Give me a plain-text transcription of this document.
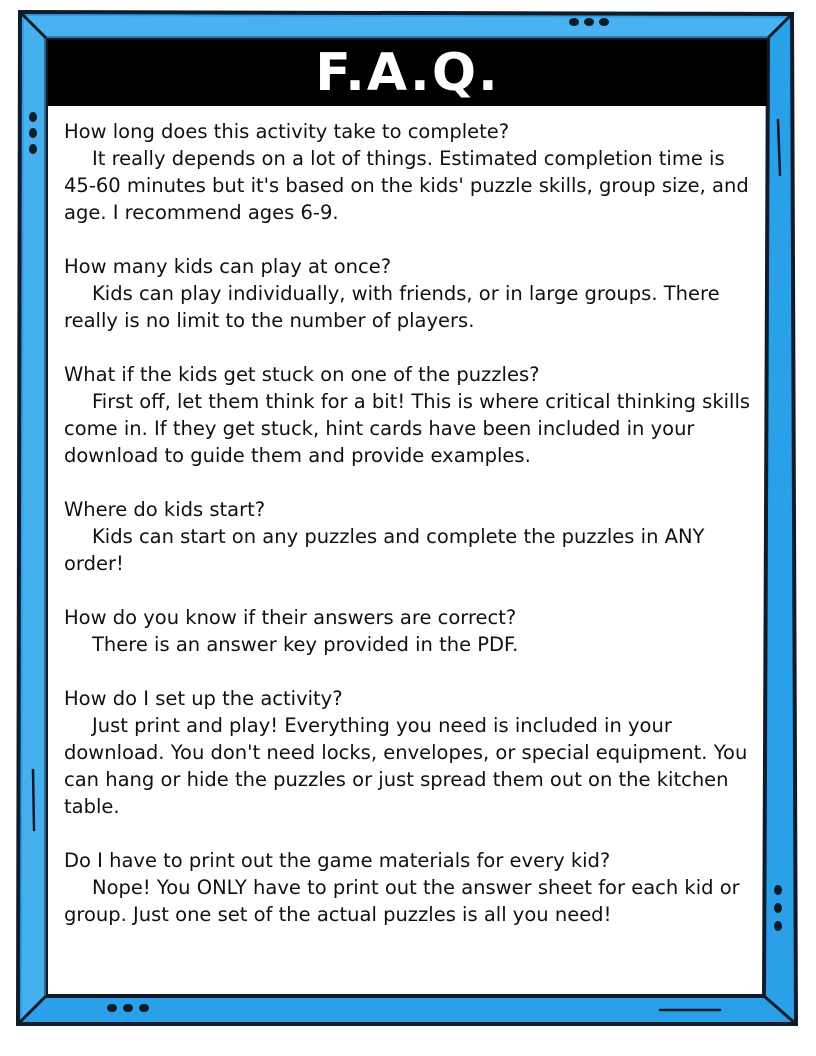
F.A.Q.

How long does this activity take to complete?

It really depends on a lot of things. Estimated completion time is 45-60 minutes but it's based on the kids' puzzle skills, group size, and age. I recommend ages 6-9.

How many kids can play at once?

Kids can play individually, with friends, or in large groups. There really is no limit to the number of players.

What if the kids get stuck on one of the puzzles?

First off, let them think for a bit! This is where critical thinking skills come in. If they get stuck, hint cards have been included in your download to guide them and provide examples.

Where do kids start?

Kids can start on any puzzles and complete the puzzles in ANY order!

How do you know if their answers are correct?

There is an answer key provided in the PDF.

How do I set up the activity?

Just print and play! Everything you need is included in your download. You don't need locks, envelopes, or special equipment. You can hang or hide the puzzles or just spread them out on the kitchen table.

Do I have to print out the game materials for every kid?

Nope! You ONLY have to print out the answer sheet for each kid or group. Just one set of the actual puzzles is all you need!
